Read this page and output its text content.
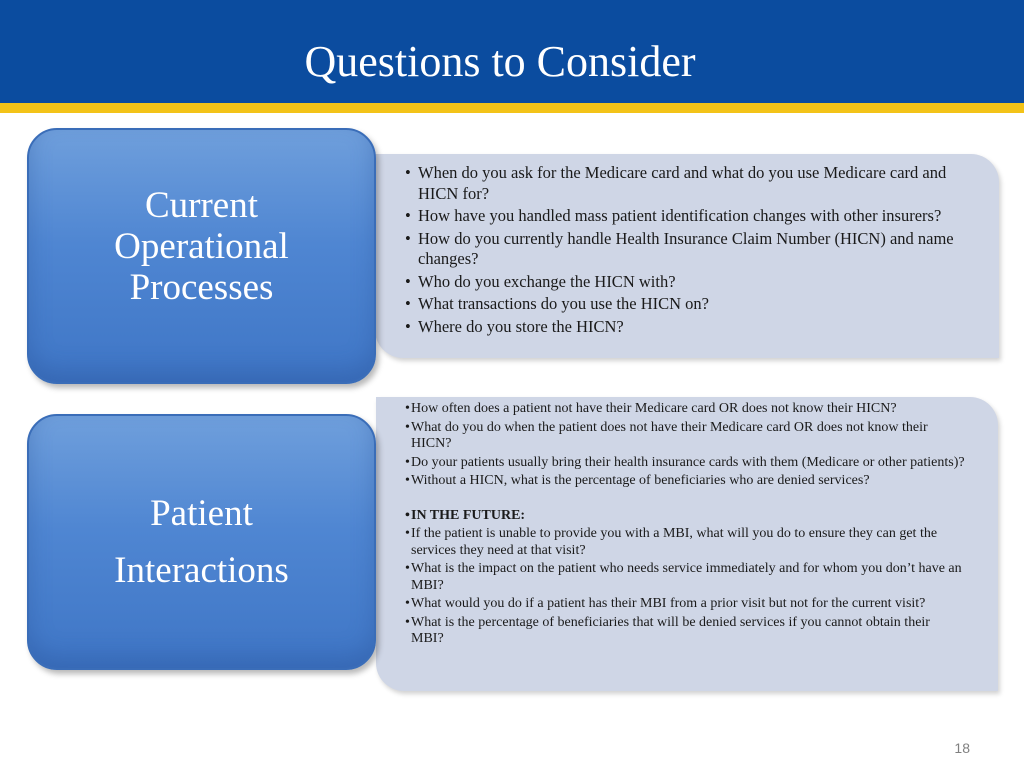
Questions to Consider
• When do you ask for the Medicare card and what do you use Medicare card and HICN for?
• How have you handled mass patient identification changes with other insurers?
• How do you currently handle Health Insurance Claim Number (HICN) and name changes?
• Who do you exchange the HICN with?
• What transactions do you use the HICN on?
• Where do you store the HICN?
Current
Operational
Processes
• How often does a patient not have their Medicare card OR does not know their HICN?
• What do you do when the patient does not have their Medicare card OR does not know their HICN?
• Do your patients usually bring their health insurance cards with them (Medicare or other patients)?
• Without a HICN, what is the percentage of beneficiaries who are denied services?
• IN THE FUTURE:
• If the patient is unable to provide you with a MBI, what will you do to ensure they can get the services they need at that visit?
• What is the impact on the patient who needs service immediately and for whom you don’t have an MBI?
• What would you do if a patient has their MBI from a prior visit but not for the current visit?
• What is the percentage of beneficiaries that will be denied services if you cannot obtain their MBI?
Patient
Interactions
18
